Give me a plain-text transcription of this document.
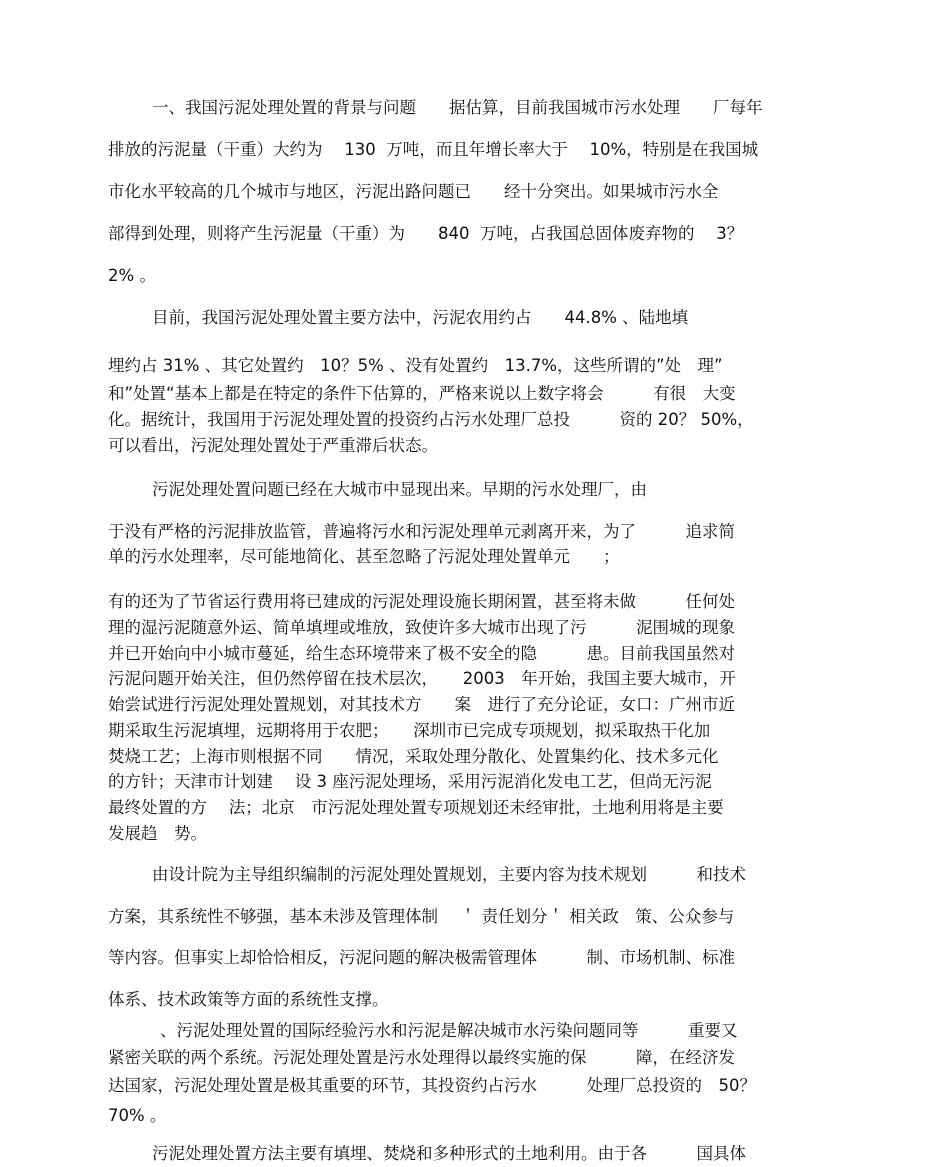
一、我国污泥处理处置的背景与问题　　据估算，目前我国城市污水处理　　厂每年
排放的污泥量（干重）大约为　 130  万吨，而且年增长率大于　 10%，特别是在我国城
市化水平较高的几个城市与地区，污泥出路问题已　　经十分突出。如果城市污水全
部得到处理，则将产生污泥量（干重）为　　840  万吨，占我国总固体废弃物的　 3？
2% 。
目前，我国污泥处理处置主要方法中，污泥农用约占　　44.8% 、陆地填
埋约占 31% 、其它处置约　10？5% 、没有处置约　13.7%，这些所谓的”处　理”
和”处置“基本上都是在特定的条件下估算的，严格来说以上数字将会　　　有很　大变
化。据统计，我国用于污泥处理处置的投资约占污水处理厂总投　　　资的 20？ 50%，
可以看出，污泥处理处置处于严重滞后状态。
污泥处理处置问题已经在大城市中显现出来。早期的污水处理厂，由
于没有严格的污泥排放监管，普遍将污水和污泥处理单元剥离开来，为了　　　追求简
单的污水处理率，尽可能地简化、甚至忽略了污泥处理处置单元　　；
有的还为了节省运行费用将已建成的污泥处理设施长期闲置，甚至将未做　　　任何处
理的湿污泥随意外运、简单填埋或堆放，致使许多大城市出现了污　　　泥围城的现象
并已开始向中小城市蔓延，给生态环境带来了极不安全的隐　　　患。目前我国虽然对
污泥问题开始关注，但仍然停留在技术层次，　　2003　年开始，我国主要大城市，开
始尝试进行污泥处理处置规划，对其技术方　　案　进行了充分论证，女口：广州市近
期采取生污泥填埋，远期将用于农肥；　　深圳市已完成专项规划，拟采取热干化加
焚烧工艺；上海市则根据不同　　情况，采取处理分散化、处置集约化、技术多元化
的方针；天津市计划建　 设 3 座污泥处理场，采用污泥消化发电工艺，但尚无污泥
最终处置的方　 法；北京　市污泥处理处置专项规划还未经审批，土地利用将是主要
发展趋　势。
由设计院为主导组织编制的污泥处理处置规划，主要内容为技术规划　　　和技术
方案，其系统性不够强，基本未涉及管理体制　 ＇ 责任划分＇ 相关政　策、公众参与
等内容。但事实上却恰恰相反，污泥问题的解决极需管理体　　　制、市场机制、标准
体系、技术政策等方面的系统性支撑。
、污泥处理处置的国际经验污水和污泥是解决城市水污染问题同等　　　重要又
紧密关联的两个系统。污泥处理处置是污水处理得以最终实施的保　　　障，在经济发
达国家，污泥处理处置是极其重要的环节，其投资约占污水　　　处理厂总投资的　50？
70% 。
污泥处理处置方法主要有填埋、焚烧和多种形式的土地利用。由于各　　　国具体
